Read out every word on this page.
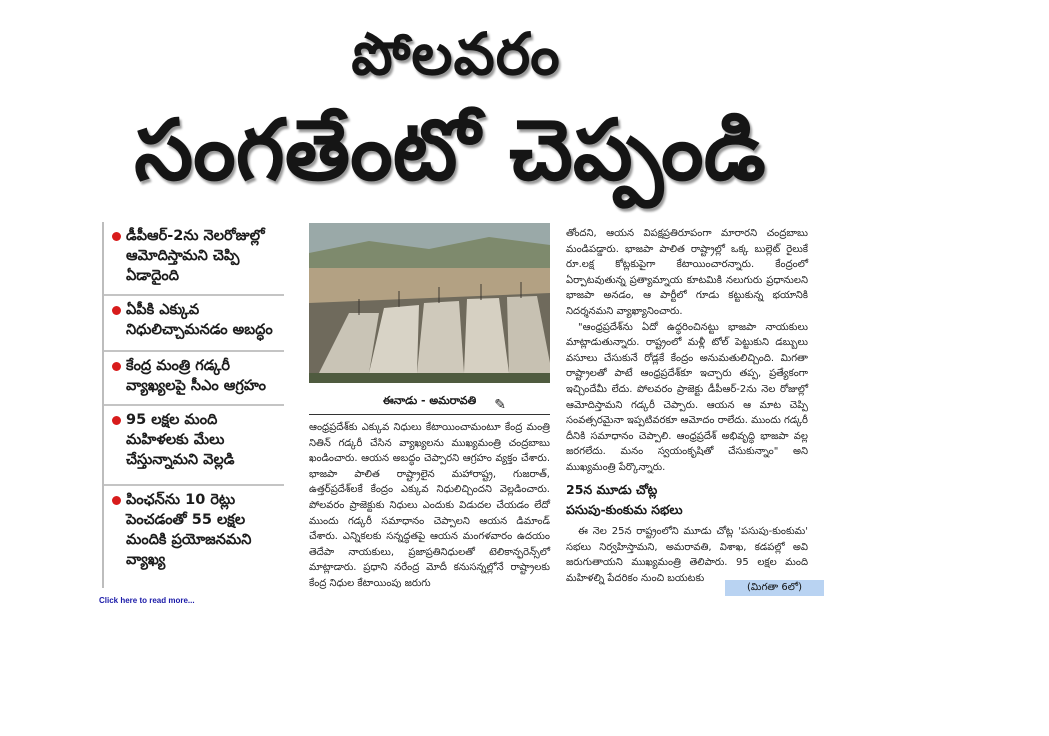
పోలవరం
సంగతేంటో చెప్పండి
డీపీఆర్‌-2ను నెలరోజుల్లో ఆమోదిస్తామని చెప్పి ఏడాదైంది
ఏపీకి ఎక్కువ నిధులిచ్చామనడం అబద్ధం
కేంద్ర మంత్రి గడ్కరీ వ్యాఖ్యలపై సీఎం ఆగ్రహం
95 లక్షల మంది మహిళలకు మేలు చేస్తున్నామని వెల్లడి
పింఛన్‌ను 10 రెట్లు పెంచడంతో 55 లక్షల మందికి ప్రయోజనమని వ్యాఖ్య
ఈనాడు - అమరావతి ✎
ఆంధ్రప్రదేశ్‌కు ఎక్కువ నిధులు కేటాయించామంటూ కేంద్ర మంత్రి నితిన్‌ గడ్కరీ చేసిన వ్యాఖ్యలను ముఖ్యమంత్రి చంద్రబాబు ఖండించారు. ఆయన అబద్ధం చెప్పారని ఆగ్రహం వ్యక్తం చేశారు. భాజపా పాలిత రాష్ట్రాలైన మహారాష్ట్ర, గుజరాత్‌, ఉత్తర్‌ప్రదేశ్‌లకే కేంద్రం ఎక్కువ నిధులిచ్చిందని వెల్లడించారు. పోలవరం ప్రాజెక్టుకు నిధులు ఎందుకు విడుదల చేయడం లేదో ముందు గడ్కరీ సమాధానం చెప్పాలని ఆయన డిమాండ్‌ చేశారు. ఎన్నికలకు సన్నద్ధతపై ఆయన మంగళవారం ఉదయం తెదేపా నాయకులు, ప్రజాప్రతినిధులతో టెలికాన్ఫరెన్స్‌లో మాట్లాడారు. ప్రధాని నరేంద్ర మోదీ కనుసన్నల్లోనే రాష్ట్రాలకు కేంద్ర నిధుల కేటాయింపు జరుగు
తోందని, ఆయన విపక్షప్రతిరూపంగా మారారని చంద్రబాబు మండిపడ్డారు. భాజపా పాలిత రాష్ట్రాల్లో ఒక్క బుల్లెట్‌ రైలుకే రూ.లక్ష కోట్లకుపైగా కేటాయించారన్నారు. కేంద్రంలో ఏర్పాటవుతున్న ప్రత్యామ్నాయ కూటమికి నలుగురు ప్రధానులని భాజపా అనడం, ఆ పార్టీలో గూడు కట్టుకున్న భయానికి నిదర్శనమని వ్యాఖ్యానించారు.
"ఆంధ్రప్రదేశ్‌ను ఏదో ఉద్ధరించినట్టు భాజపా నాయకులు మాట్లాడుతున్నారు. రాష్ట్రంలో మళ్లీ టోల్‌ పెట్టుకుని డబ్బులు వసూలు చేసుకునే రోడ్లకే కేంద్రం అనుమతులిచ్చింది. మిగతా రాష్ట్రాలతో పాటే ఆంధ్రప్రదేశ్‌కూ ఇచ్చారు తప్ప, ప్రత్యేకంగా ఇచ్చిందేమీ లేదు. పోలవరం ప్రాజెక్టు డీపీఆర్‌-2ను నెల రోజుల్లో ఆమోదిస్తామని గడ్కరీ చెప్పారు. ఆయన ఆ మాట చెప్పి సంవత్సరమైనా ఇప్పటివరకూ ఆమోదం రాలేదు. ముందు గడ్కరీ దీనికి సమాధానం చెప్పాలి. ఆంధ్రప్రదేశ్‌ అభివృద్ధి భాజపా వల్ల జరగలేదు. మనం స్వయంకృషితో చేసుకున్నాం" అని ముఖ్యమంత్రి పేర్కొన్నారు.
25న మూడు చోట్ల
పసుపు-కుంకుమ సభలు
ఈ నెల 25న రాష్ట్రంలోని మూడు చోట్ల 'పసుపు-కుంకుమ' సభలు నిర్వహిస్తామని, అమరావతి, విశాఖ, కడపల్లో అవి జరుగుతాయని ముఖ్యమంత్రి తెలిపారు. 95 లక్షల మంది మహిళల్ని పేదరికం నుంచి బయటకు
(మిగతా 6లో)
Click here to read more...
